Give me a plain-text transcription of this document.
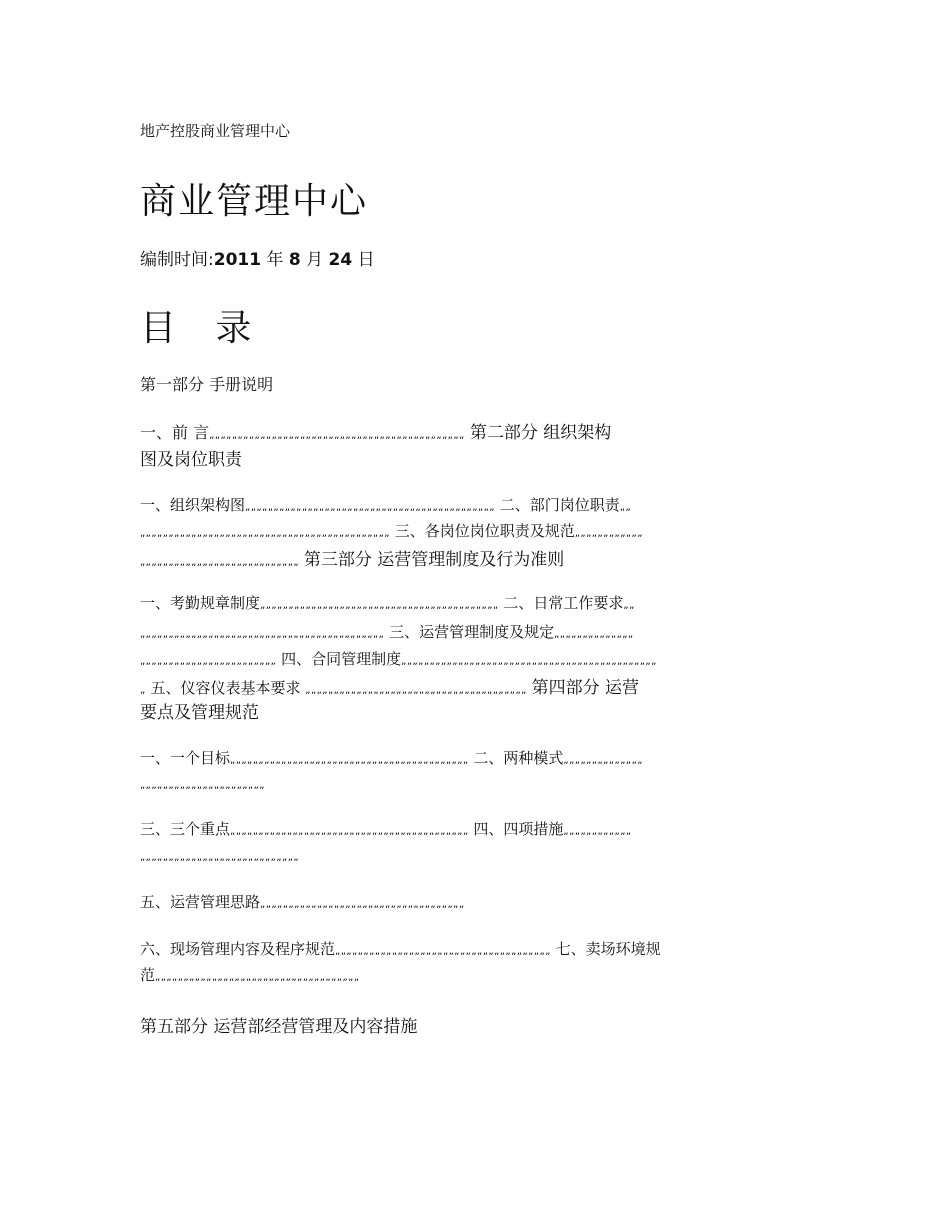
地产控股商业管理中心
商业管理中心
编制时间:2011 年 8 月 24 日
目 录
第一部分 手册说明
一、前 言„„„„„„„„„„„„„„„„„„„„„„„„„„„„„„„„„„„„„„„„„„„„„ 第二部分 组织架构
图及岗位职责
一、组织架构图„„„„„„„„„„„„„„„„„„„„„„„„„„„„„„„„„„„„„„„„„„„„ 二、部门岗位职责„„
„„„„„„„„„„„„„„„„„„„„„„„„„„„„„„„„„„„„„„„„„„„„ 三、各岗位岗位职责及规范„„„„„„„„„„„„
„„„„„„„„„„„„„„„„„„„„„„„„„„„„ 第三部分 运营管理制度及行为准则
一、考勤规章制度„„„„„„„„„„„„„„„„„„„„„„„„„„„„„„„„„„„„„„„„„„ 二、日常工作要求„„
„„„„„„„„„„„„„„„„„„„„„„„„„„„„„„„„„„„„„„„„„„„ 三、运营管理制度及规定„„„„„„„„„„„„„„
„„„„„„„„„„„„„„„„„„„„„„„„ 四、合同管理制度„„„„„„„„„„„„„„„„„„„„„„„„„„„„„„„„„„„„„„„„„„„„„
„ 五、仪容仪表基本要求 „„„„„„„„„„„„„„„„„„„„„„„„„„„„„„„„„„„„„„„ 第四部分 运营
要点及管理规范
一、一个目标„„„„„„„„„„„„„„„„„„„„„„„„„„„„„„„„„„„„„„„„„„ 二、两种模式„„„„„„„„„„„„„„
„„„„„„„„„„„„„„„„„„„„„„
三、三个重点„„„„„„„„„„„„„„„„„„„„„„„„„„„„„„„„„„„„„„„„„„ 四、四项措施„„„„„„„„„„„„
„„„„„„„„„„„„„„„„„„„„„„„„„„„„
五、运营管理思路„„„„„„„„„„„„„„„„„„„„„„„„„„„„„„„„„„„„
六、现场管理内容及程序规范„„„„„„„„„„„„„„„„„„„„„„„„„„„„„„„„„„„„„„ 七、卖场环境规
范„„„„„„„„„„„„„„„„„„„„„„„„„„„„„„„„„„„„
第五部分 运营部经营管理及内容措施
